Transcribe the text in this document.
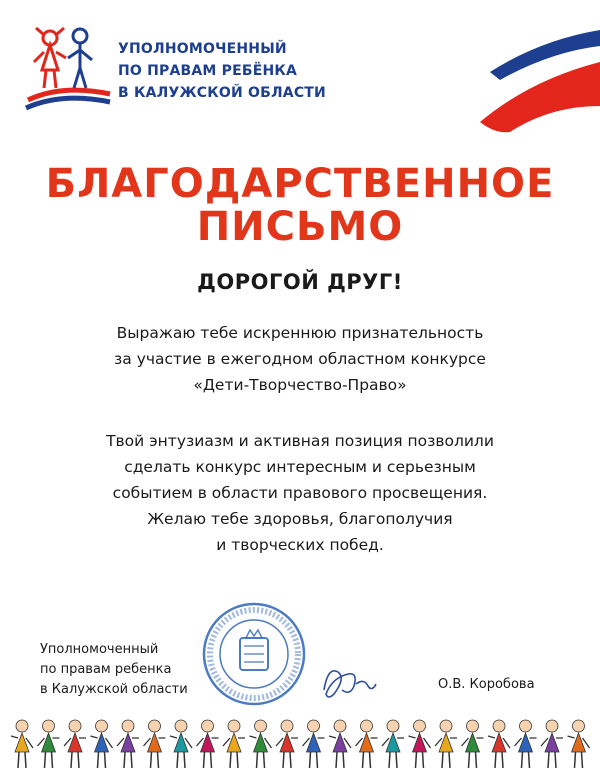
УПОЛНОМОЧЕННЫЙ
ПО ПРАВАМ РЕБЁНКА
В КАЛУЖСКОЙ ОБЛАСТИ
БЛАГОДАРСТВЕННОЕ
ПИСЬМО
ДОРОГОЙ ДРУГ!
Выражаю тебе искреннюю признательность
за участие в ежегодном областном конкурсе
«Дети-Творчество-Право»
Твой энтузиазм и активная позиция позволили
сделать конкурс интересным и серьезным
событием в области правового просвещения.
Желаю тебе здоровья, благополучия
и творческих побед.
Уполномоченный
по правам ребенка
в Калужской области	О.В. Коробова
